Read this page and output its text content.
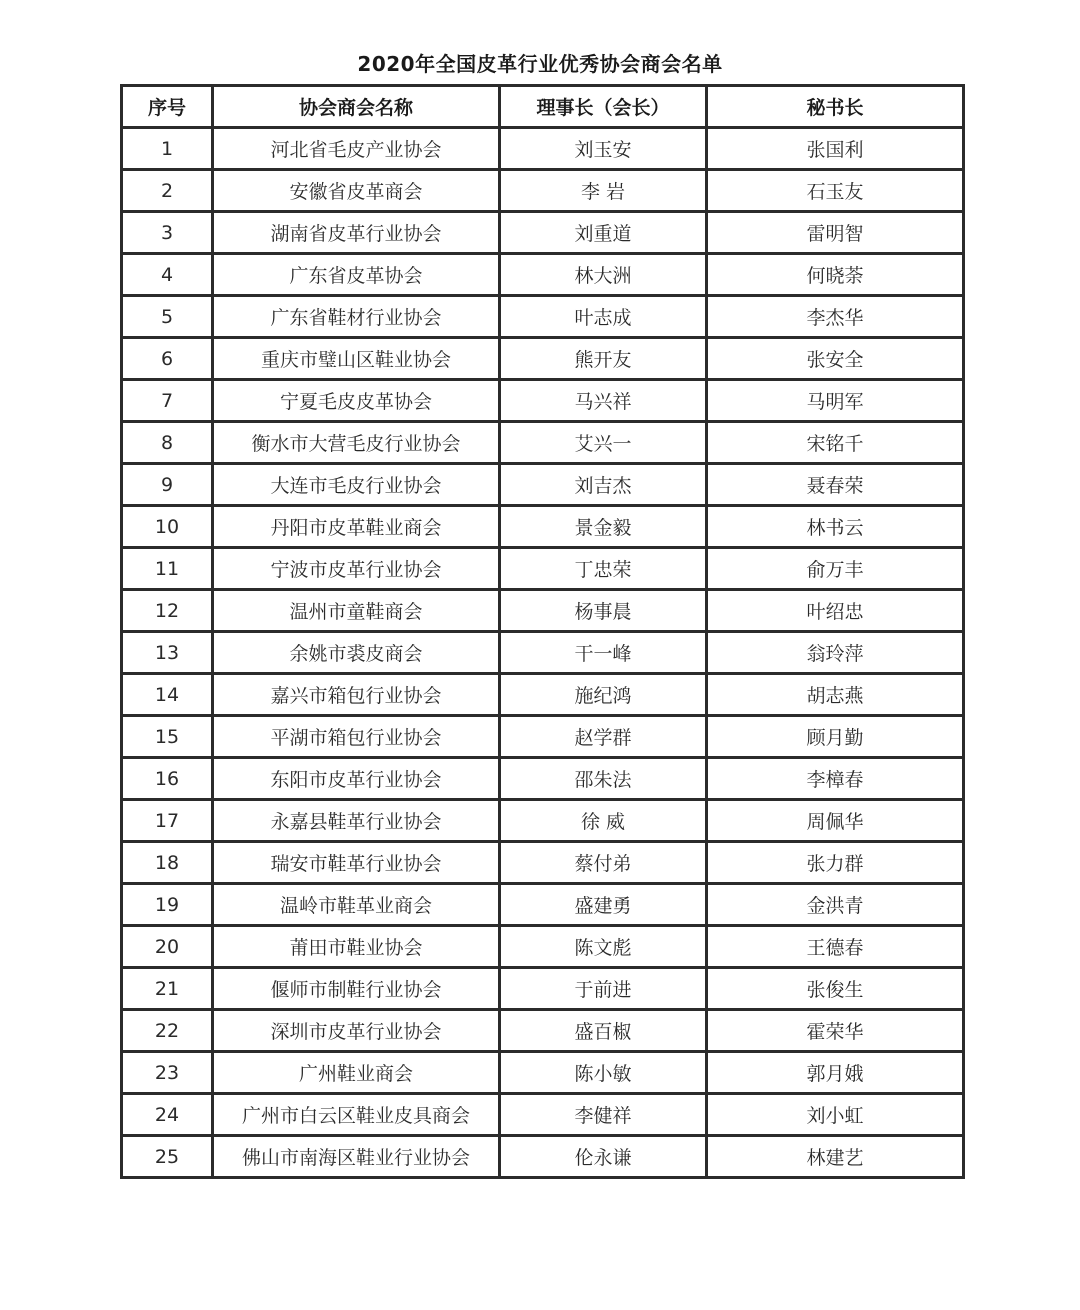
2020年全国皮革行业优秀协会商会名单
序号	协会商会名称	理事长（会长）	秘书长
1	河北省毛皮产业协会	刘玉安	张国利
2	安徽省皮革商会	李 岩	石玉友
3	湖南省皮革行业协会	刘重道	雷明智
4	广东省皮革协会	林大洲	何晓荼
5	广东省鞋材行业协会	叶志成	李杰华
6	重庆市璧山区鞋业协会	熊开友	张安全
7	宁夏毛皮皮革协会	马兴祥	马明军
8	衡水市大营毛皮行业协会	艾兴一	宋铭千
9	大连市毛皮行业协会	刘吉杰	聂春荣
10	丹阳市皮革鞋业商会	景金毅	林书云
11	宁波市皮革行业协会	丁忠荣	俞万丰
12	温州市童鞋商会	杨事晨	叶绍忠
13	余姚市裘皮商会	干一峰	翁玲萍
14	嘉兴市箱包行业协会	施纪鸿	胡志燕
15	平湖市箱包行业协会	赵学群	顾月勤
16	东阳市皮革行业协会	邵朱法	李樟春
17	永嘉县鞋革行业协会	徐 威	周佩华
18	瑞安市鞋革行业协会	蔡付弟	张力群
19	温岭市鞋革业商会	盛建勇	金洪青
20	莆田市鞋业协会	陈文彪	王德春
21	偃师市制鞋行业协会	于前进	张俊生
22	深圳市皮革行业协会	盛百椒	霍荣华
23	广州鞋业商会	陈小敏	郭月娥
24	广州市白云区鞋业皮具商会	李健祥	刘小虹
25	佛山市南海区鞋业行业协会	伦永谦	林建艺
